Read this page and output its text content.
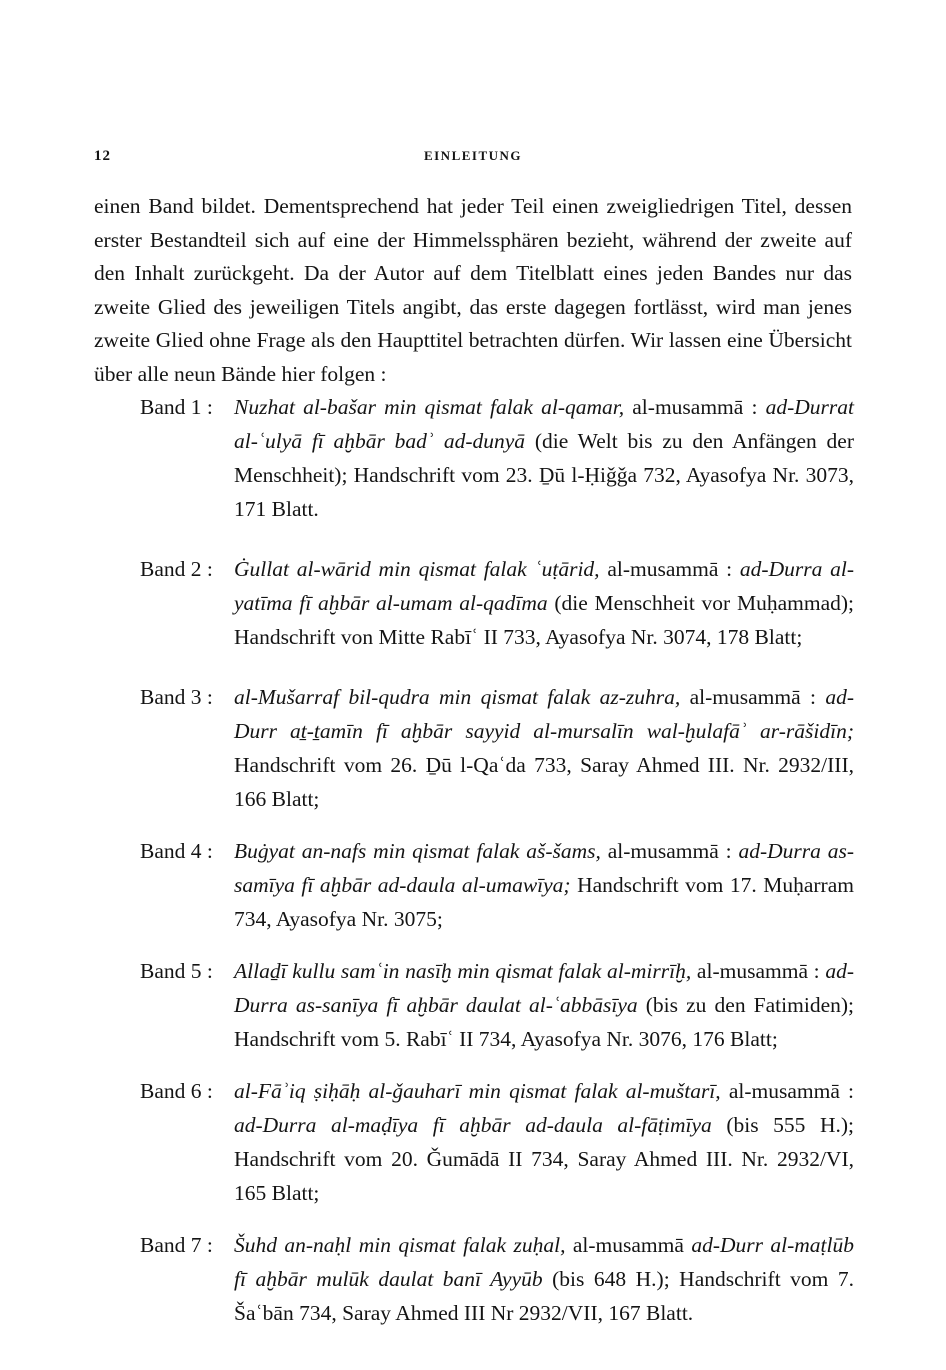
12	EINLEITUNG

einen Band bildet. Dementsprechend hat jeder Teil einen zweigliedrigen Titel, dessen erster Bestandteil sich auf eine der Himmelssphären bezieht, während der zweite auf den Inhalt zurückgeht. Da der Autor auf dem Titelblatt eines jeden Bandes nur das zweite Glied des jeweiligen Titels angibt, das erste dagegen fortlässt, wird man jenes zweite Glied ohne Frage als den Haupttitel betrachten dürfen. Wir lassen eine Übersicht über alle neun Bände hier folgen :

Band 1 : Nuzhat al-bašar min qismat falak al-qamar, al-musammā : ad-Durrat al-ʿulyā fī aḫbār badʾ ad-dunyā (die Welt bis zu den Anfängen der Menschheit); Handschrift vom 23. Ḏū l-Ḥiǧǧa 732, Ayasofya Nr. 3073, 171 Blatt.
Band 2 : Ġullat al-wārid min qismat falak ʿuṭārid, al-musammā : ad-Durra al-yatīma fī aḫbār al-umam al-qadīma (die Menschheit vor Muḥammad); Handschrift von Mitte Rabīʿ II 733, Ayasofya Nr. 3074, 178 Blatt;
Band 3 : al-Mušarraf bil-qudra min qismat falak az-zuhra, al-musammā : ad-Durr aṯ-ṯamīn fī aḫbār sayyid al-mursalīn wal-ḫulafāʾ ar-rāšidīn; Handschrift vom 26. Ḏū l-Qaʿda 733, Saray Ahmed III. Nr. 2932/III, 166 Blatt;
Band 4 : Buġyat an-nafs min qismat falak aš-šams, al-musammā : ad-Durra as-samīya fī aḫbār ad-daula al-umawīya; Handschrift vom 17. Muḥarram 734, Ayasofya Nr. 3075;
Band 5 : Allaḏī kullu samʿin nasīḫ min qismat falak al-mirrīḫ, al-musammā : ad-Durra as-sanīya fī aḫbār daulat al-ʿabbāsīya (bis zu den Fatimiden); Handschrift vom 5. Rabīʿ II 734, Ayasofya Nr. 3076, 176 Blatt;
Band 6 : al-Fāʾiq ṣiḥāḥ al-ǧauharī min qismat falak al-muštarī, al-musammā : ad-Durra al-maḍīya fī aḫbār ad-daula al-fāṭimīya (bis 555 H.); Handschrift vom 20. Ǧumādā II 734, Saray Ahmed III. Nr. 2932/VI, 165 Blatt;
Band 7 : Šuhd an-naḥl min qismat falak zuḥal, al-musammā ad-Durr al-maṭlūb fī aḫbār mulūk daulat banī Ayyūb (bis 648 H.); Handschrift vom 7. Šaʿbān 734, Saray Ahmed III Nr 2932/VII, 167 Blatt.
